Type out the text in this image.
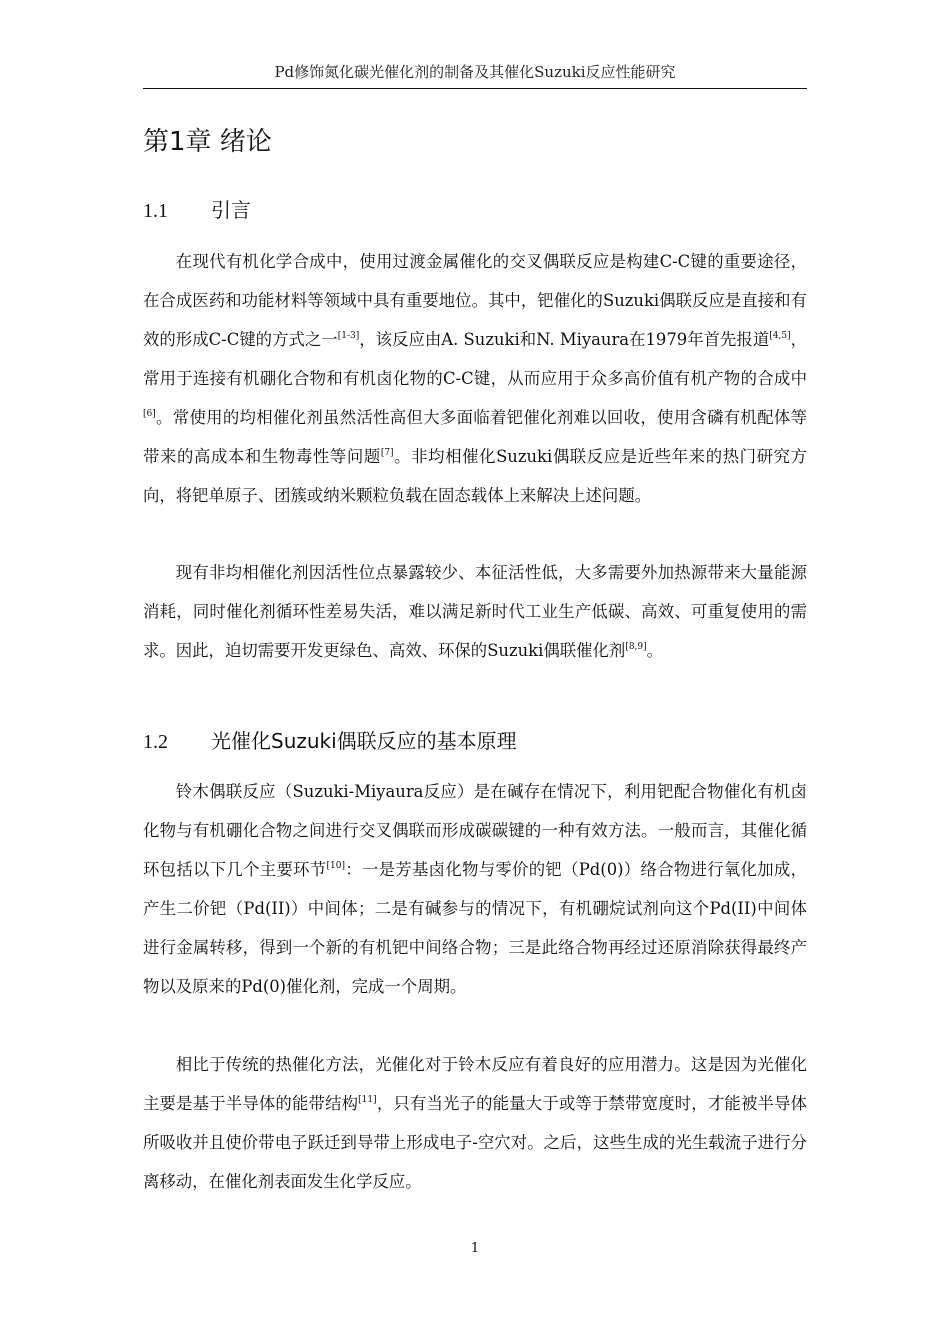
Pd修饰氮化碳光催化剂的制备及其催化Suzuki反应性能研究
第1章 绪论
1.1 引言

在现代有机化学合成中，使用过渡金属催化的交叉偶联反应是构建C-C键的重要途径，在合成医药和功能材料等领域中具有重要地位。其中，钯催化的Suzuki偶联反应是直接和有效的形成C-C键的方式之一[1-3]，该反应由A. Suzuki和N. Miyaura在1979年首先报道[4,5]，常用于连接有机硼化合物和有机卤化物的C-C键，从而应用于众多高价值有机产物的合成中[6]。常使用的均相催化剂虽然活性高但大多面临着钯催化剂难以回收，使用含磷有机配体等带来的高成本和生物毒性等问题[7]。非均相催化Suzuki偶联反应是近些年来的热门研究方向，将钯单原子、团簇或纳米颗粒负载在固态载体上来解决上述问题。

现有非均相催化剂因活性位点暴露较少、本征活性低，大多需要外加热源带来大量能源消耗，同时催化剂循环性差易失活，难以满足新时代工业生产低碳、高效、可重复使用的需求。因此，迫切需要开发更绿色、高效、环保的Suzuki偶联催化剂[8,9]。

1.2 光催化Suzuki偶联反应的基本原理

铃木偶联反应（Suzuki-Miyaura反应）是在碱存在情况下，利用钯配合物催化有机卤化物与有机硼化合物之间进行交叉偶联而形成碳碳键的一种有效方法。一般而言，其催化循环包括以下几个主要环节[10]：一是芳基卤化物与零价的钯（Pd(0)）络合物进行氧化加成，产生二价钯（Pd(II)）中间体；二是有碱参与的情况下，有机硼烷试剂向这个Pd(II)中间体进行金属转移，得到一个新的有机钯中间络合物；三是此络合物再经过还原消除获得最终产物以及原来的Pd(0)催化剂，完成一个周期。

相比于传统的热催化方法，光催化对于铃木反应有着良好的应用潜力。这是因为光催化主要是基于半导体的能带结构[11]，只有当光子的能量大于或等于禁带宽度时，才能被半导体所吸收并且使价带电子跃迁到导带上形成电子-空穴对。之后，这些生成的光生载流子进行分离移动，在催化剂表面发生化学反应。

1
